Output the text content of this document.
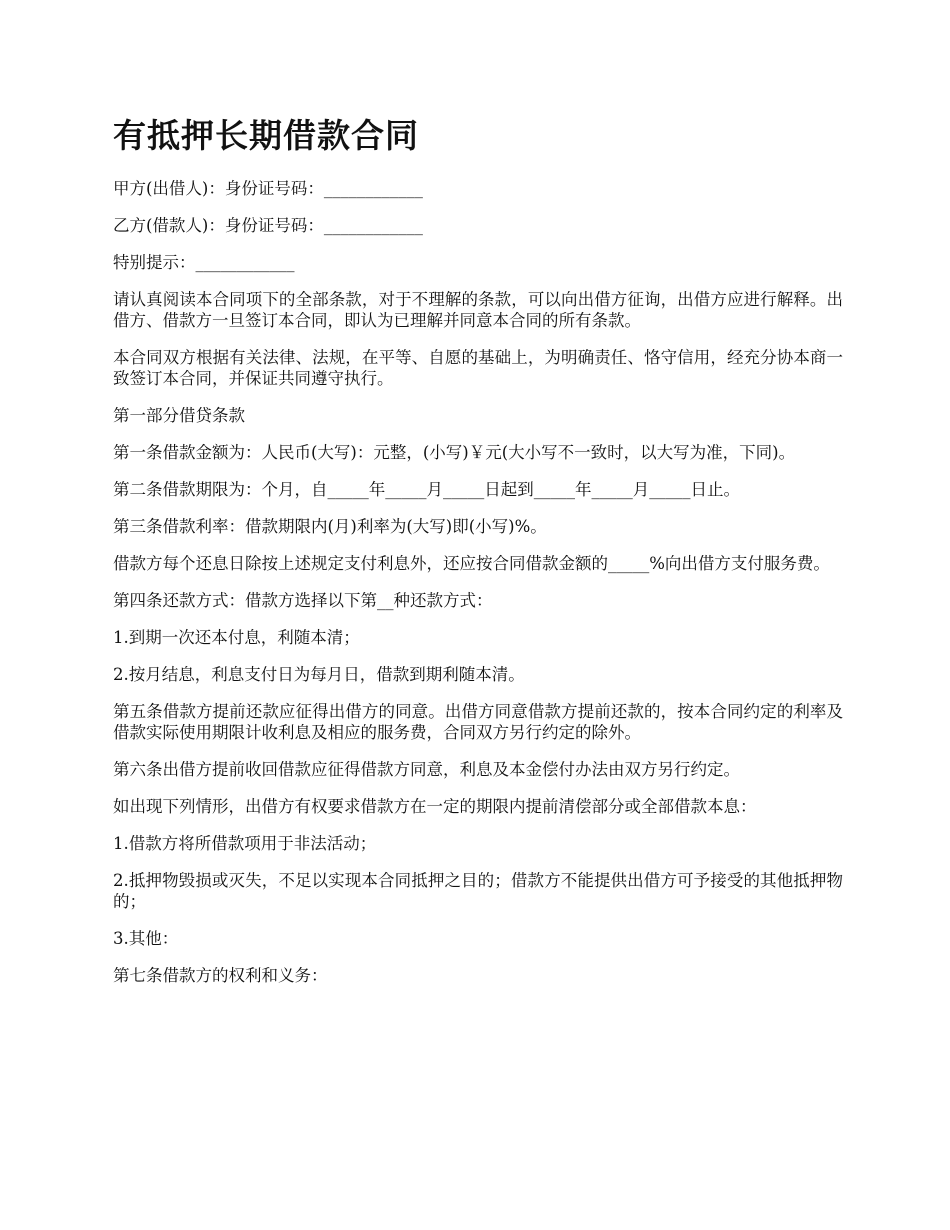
有抵押长期借款合同

甲方(出借人)：身份证号码：____________

乙方(借款人)：身份证号码：____________

特别提示：____________

请认真阅读本合同项下的全部条款，对于不理解的条款，可以向出借方征询，出借方应进行解释。出借方、借款方一旦签订本合同，即认为已理解并同意本合同的所有条款。

本合同双方根据有关法律、法规，在平等、自愿的基础上，为明确责任、恪守信用，经充分协本商一致签订本合同，并保证共同遵守执行。

第一部分借贷条款

第一条借款金额为：人民币(大写)：元整，(小写)￥元(大小写不一致时，以大写为准，下同)。

第二条借款期限为：个月，自_____年_____月_____日起到_____年_____月_____日止。

第三条借款利率：借款期限内(月)利率为(大写)即(小写)%。

借款方每个还息日除按上述规定支付利息外，还应按合同借款金额的_____%向出借方支付服务费。

第四条还款方式：借款方选择以下第__种还款方式：

1.到期一次还本付息，利随本清；

2.按月结息，利息支付日为每月日，借款到期利随本清。

第五条借款方提前还款应征得出借方的同意。出借方同意借款方提前还款的，按本合同约定的利率及借款实际使用期限计收利息及相应的服务费，合同双方另行约定的除外。

第六条出借方提前收回借款应征得借款方同意，利息及本金偿付办法由双方另行约定。

如出现下列情形，出借方有权要求借款方在一定的期限内提前清偿部分或全部借款本息：

1.借款方将所借款项用于非法活动；

2.抵押物毁损或灭失，不足以实现本合同抵押之目的；借款方不能提供出借方可予接受的其他抵押物的；

3.其他：

第七条借款方的权利和义务：
